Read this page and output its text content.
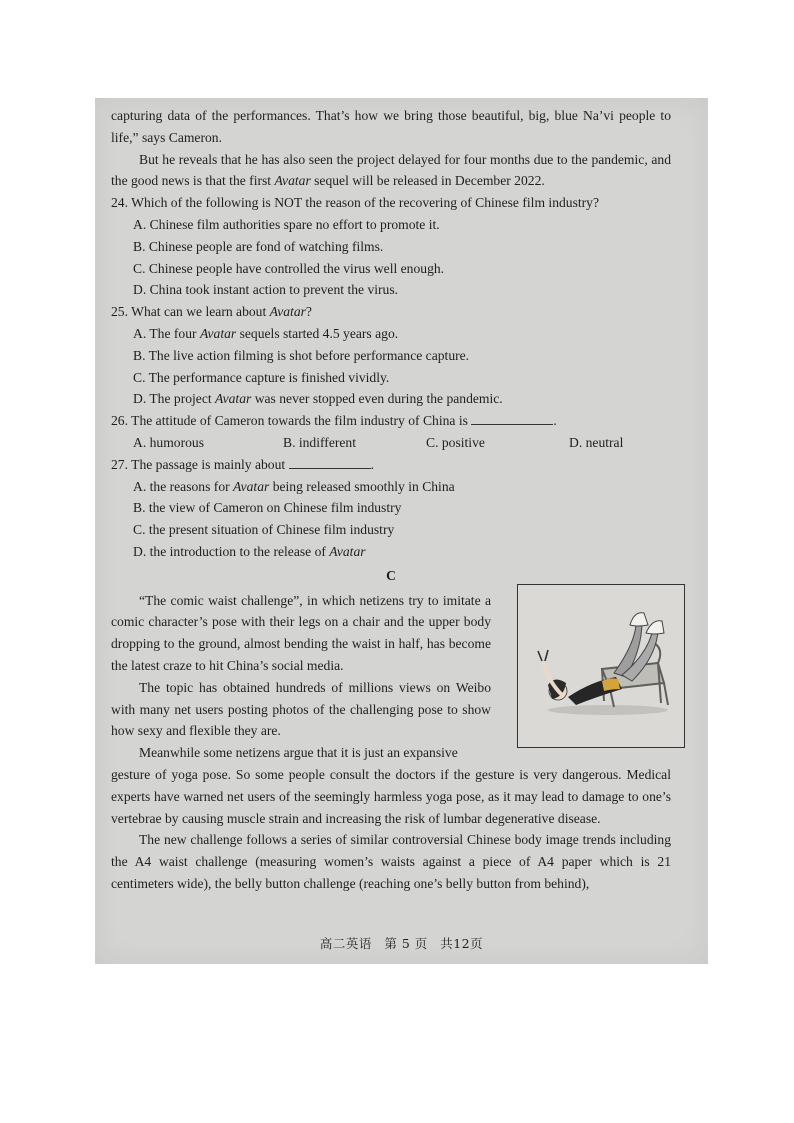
capturing data of the performances. That’s how we bring those beautiful, big, blue Na’vi people to life,” says Cameron.

But he reveals that he has also seen the project delayed for four months due to the pandemic, and the good news is that the first Avatar sequel will be released in December 2022.

24. Which of the following is NOT the reason of the recovering of Chinese film industry?

A. Chinese film authorities spare no effort to promote it.

B. Chinese people are fond of watching films.

C. Chinese people have controlled the virus well enough.

D. China took instant action to prevent the virus.

25. What can we learn about Avatar?

A. The four Avatar sequels started 4.5 years ago.

B. The live action filming is shot before performance capture.

C. The performance capture is finished vividly.

D. The project Avatar was never stopped even during the pandemic.

26. The attitude of Cameron towards the film industry of China is	.

A. humorous	B. indifferent	C. positive	D. neutral

27. The passage is mainly about	.

A. the reasons for Avatar being released smoothly in China

B. the view of Cameron on Chinese film industry

C. the present situation of Chinese film industry

D. the introduction to the release of Avatar

C

“The comic waist challenge”, in which netizens try to imitate a comic character’s pose with their legs on a chair and the upper body dropping to the ground, almost bending the waist in half, has become the latest craze to hit China’s social media.

The topic has obtained hundreds of millions views on Weibo with many net users posting photos of the challenging pose to show how sexy and flexible they are.

Meanwhile some netizens argue that it is just an expansive

gesture of yoga pose. So some people consult the doctors if the gesture is very dangerous. Medical experts have warned net users of the seemingly harmless yoga pose, as it may lead to damage to one’s vertebrae by causing muscle strain and increasing the risk of lumbar degenerative disease.

The new challenge follows a series of similar controversial Chinese body image trends including the A4 waist challenge (measuring women’s waists against a piece of A4 paper which is 21 centimeters wide), the belly button challenge (reaching one’s belly button from behind),

高二英语 第 5 页 共12页
